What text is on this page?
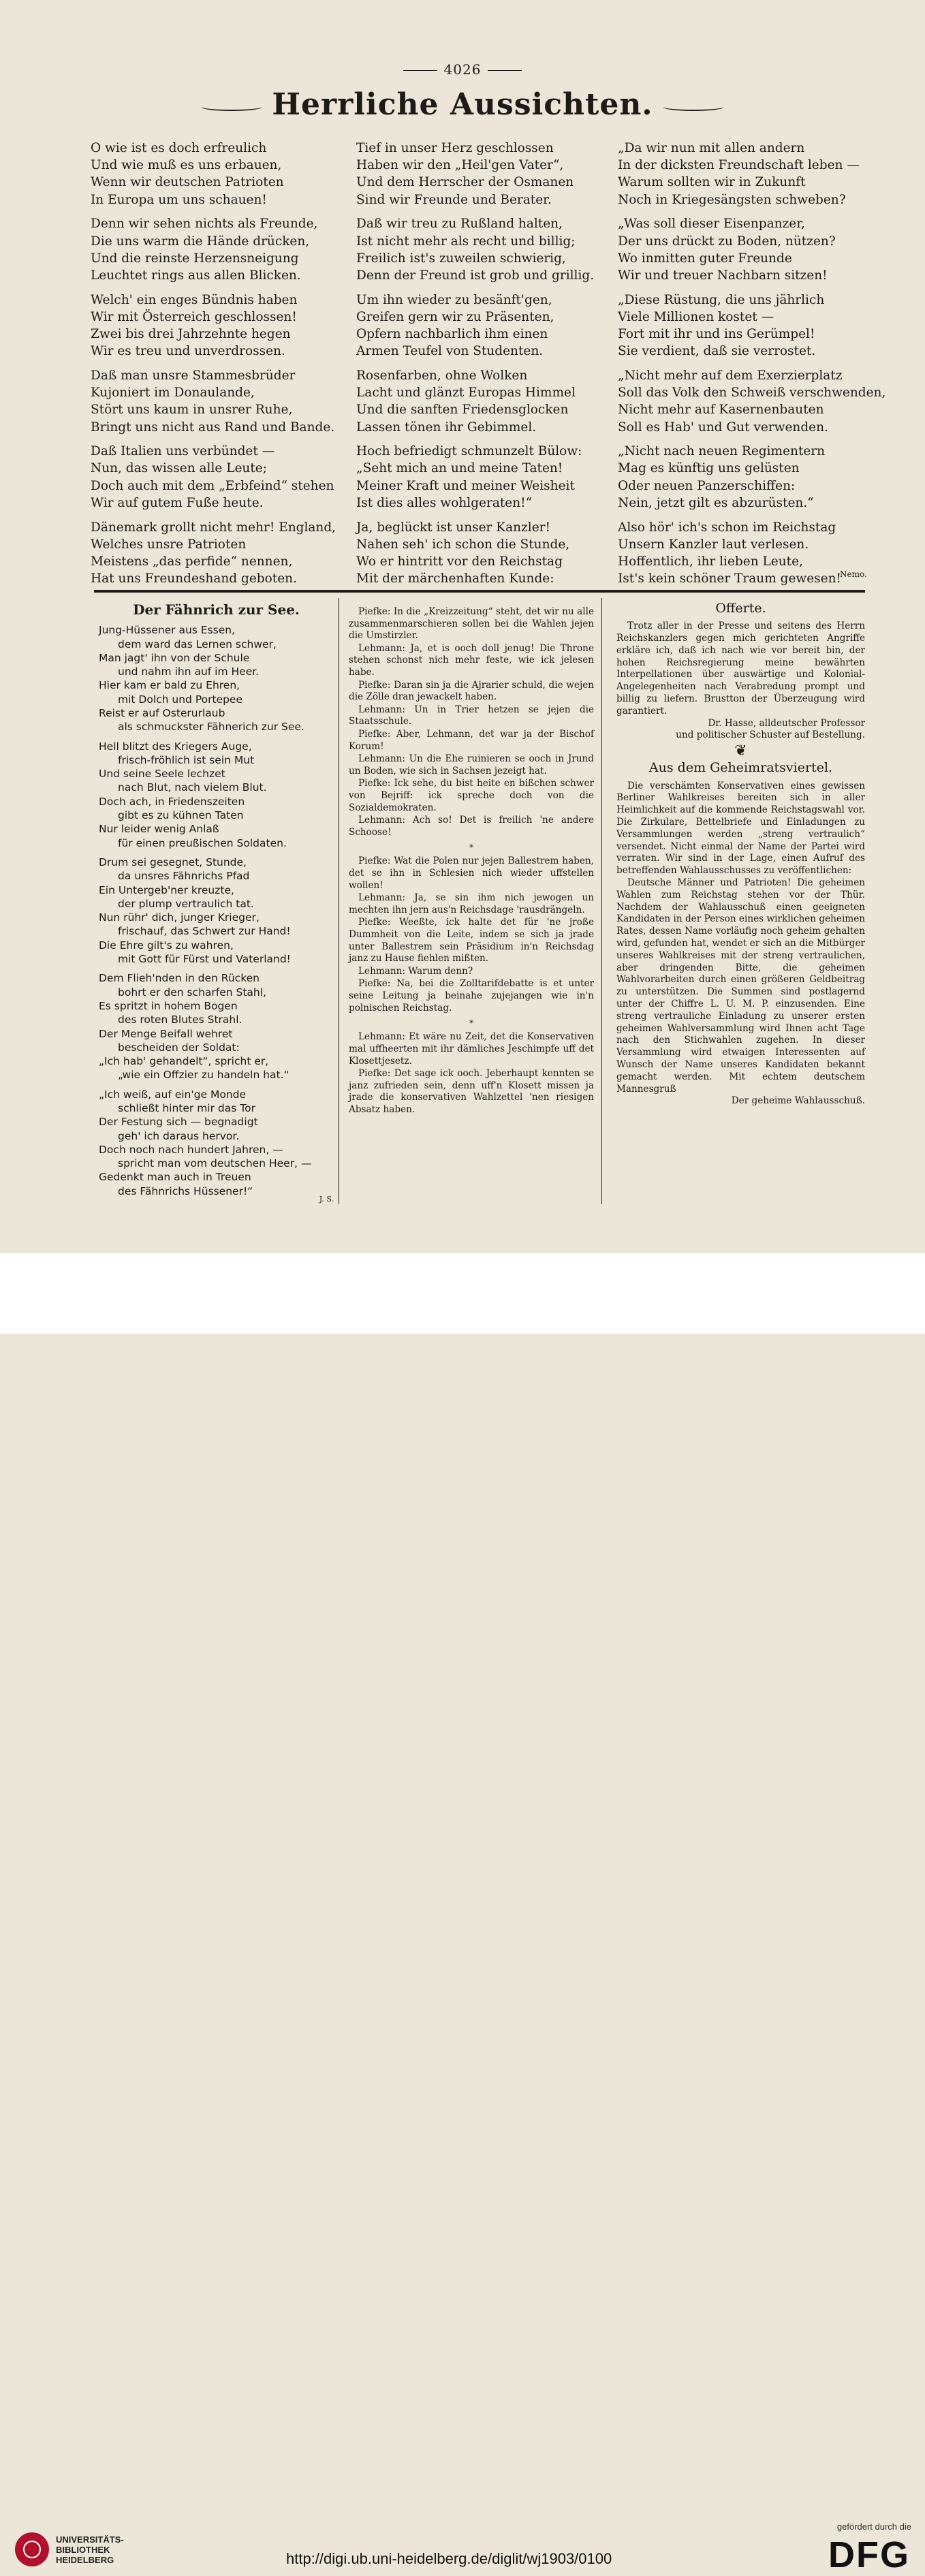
4026
Herrliche Aussichten.
O wie ist es doch erfreulich
Und wie muß es uns erbauen,
Wenn wir deutschen Patrioten
In Europa um uns schauen!
Denn wir sehen nichts als Freunde,
Die uns warm die Hände drücken,
Und die reinste Herzensneigung
Leuchtet rings aus allen Blicken.
Welch' ein enges Bündnis haben
Wir mit Österreich geschlossen!
Zwei bis drei Jahrzehnte hegen
Wir es treu und unverdrossen.
Daß man unsre Stammesbrüder
Kujoniert im Donaulande,
Stört uns kaum in unsrer Ruhe,
Bringt uns nicht aus Rand und Bande.
Daß Italien uns verbündet —
Nun, das wissen alle Leute;
Doch auch mit dem „Erbfeind“ stehen
Wir auf gutem Fuße heute.
Dänemark grollt nicht mehr! England,
Welches unsre Patrioten
Meistens „das perfide“ nennen,
Hat uns Freundeshand geboten.
Tief in unser Herz geschlossen
Haben wir den „Heil'gen Vater“,
Und dem Herrscher der Osmanen
Sind wir Freunde und Berater.
Daß wir treu zu Rußland halten,
Ist nicht mehr als recht und billig;
Freilich ist's zuweilen schwierig,
Denn der Freund ist grob und grillig.
Um ihn wieder zu besänft'gen,
Greifen gern wir zu Präsenten,
Opfern nachbarlich ihm einen
Armen Teufel von Studenten.
Rosenfarben, ohne Wolken
Lacht und glänzt Europas Himmel
Und die sanften Friedensglocken
Lassen tönen ihr Gebimmel.
Hoch befriedigt schmunzelt Bülow:
„Seht mich an und meine Taten!
Meiner Kraft und meiner Weisheit
Ist dies alles wohlgeraten!“
Ja, beglückt ist unser Kanzler!
Nahen seh' ich schon die Stunde,
Wo er hintritt vor den Reichstag
Mit der märchenhaften Kunde:
„Da wir nun mit allen andern
In der dicksten Freundschaft leben —
Warum sollten wir in Zukunft
Noch in Kriegesängsten schweben?
„Was soll dieser Eisenpanzer,
Der uns drückt zu Boden, nützen?
Wo inmitten guter Freunde
Wir und treuer Nachbarn sitzen!
„Diese Rüstung, die uns jährlich
Viele Millionen kostet —
Fort mit ihr und ins Gerümpel!
Sie verdient, daß sie verrostet.
„Nicht mehr auf dem Exerzierplatz
Soll das Volk den Schweiß verschwenden,
Nicht mehr auf Kasernenbauten
Soll es Hab' und Gut verwenden.
„Nicht nach neuen Regimentern
Mag es künftig uns gelüsten
Oder neuen Panzerschiffen:
Nein, jetzt gilt es abzurüsten.“
Also hör' ich's schon im Reichstag
Unsern Kanzler laut verlesen.
Hoffentlich, ihr lieben Leute,
Ist's kein schöner Traum gewesen!
Nemo.
Der Fähnrich zur See.
Jung-Hüssener aus Essen,
dem ward das Lernen schwer,
Man jagt' ihn von der Schule
und nahm ihn auf im Heer.
Hier kam er bald zu Ehren,
mit Dolch und Portepee
Reist er auf Osterurlaub
als schmuckster Fähnerich zur See.
Hell blitzt des Kriegers Auge,
frisch-fröhlich ist sein Mut
Und seine Seele lechzet
nach Blut, nach vielem Blut.
Doch ach, in Friedenszeiten
gibt es zu kühnen Taten
Nur leider wenig Anlaß
für einen preußischen Soldaten.
Drum sei gesegnet, Stunde,
da unsres Fähnrichs Pfad
Ein Untergeb'ner kreuzte,
der plump vertraulich tat.
Nun rühr' dich, junger Krieger,
frischauf, das Schwert zur Hand!
Die Ehre gilt's zu wahren,
mit Gott für Fürst und Vaterland!
Dem Flieh'nden in den Rücken
bohrt er den scharfen Stahl,
Es spritzt in hohem Bogen
des roten Blutes Strahl.
Der Menge Beifall wehret
bescheiden der Soldat:
„Ich hab' gehandelt“, spricht er,
„wie ein Offzier zu handeln hat.“
„Ich weiß, auf ein'ge Monde
schließt hinter mir das Tor
Der Festung sich — begnadigt
geh' ich daraus hervor.
Doch noch nach hundert Jahren, —
spricht man vom deutschen Heer, —
Gedenkt man auch in Treuen
des Fähnrichs Hüssener!“
J. S.

Piefke: In die „Kreizzeitung“ steht, det wir nu alle zusammenmarschieren sollen bei die Wahlen jejen die Umstirzler.

Lehmann: Ja, et is ooch doll jenug! Die Throne stehen schonst nich mehr feste, wie ick jelesen habe.

Piefke: Daran sin ja die Ajrarier schuld, die wejen die Zölle dran jewackelt haben.

Lehmann: Un in Trier hetzen se jejen die Staatsschule.

Piefke: Aber, Lehmann, det war ja der Bischof Korum!

Lehmann: Un die Ehe ruinieren se ooch in Jrund un Boden, wie sich in Sachsen jezeigt hat.

Piefke: Ick sehe, du bist heite en bißchen schwer von Bejriff: ick spreche doch von die Sozialdemokraten.

Lehmann: Ach so! Det is freilich 'ne andere Schoose!

*

Piefke: Wat die Polen nur jejen Ballestrem haben, det se ihn in Schlesien nich wieder uffstellen wollen!

Lehmann: Ja, se sin ihm nich jewogen un mechten ihn jern aus'n Reichsdage 'rausdrängeln.

Piefke: Weeßte, ick halte det für 'ne jroße Dummheit von die Leite, indem se sich ja jrade unter Ballestrem sein Präsidium in'n Reichsdag janz zu Hause fiehlen mißten.

Lehmann: Warum denn?

Piefke: Na, bei die Zolltarifdebatte is et unter seine Leitung ja beinahe zujejangen wie in'n polnischen Reichstag.

*

Lehmann: Et wäre nu Zeit, det die Konservativen mal uffheerten mit ihr dämliches Jeschimpfe uff det Klosettjesetz.

Piefke: Det sage ick ooch. Jeberhaupt kennten se janz zufrieden sein, denn uff'n Klosett missen ja jrade die konservativen Wahlzettel 'nen riesigen Absatz haben.

Offerte.

Trotz aller in der Presse und seitens des Herrn Reichskanzlers gegen mich gerichteten Angriffe erkläre ich, daß ich nach wie vor bereit bin, der hohen Reichsregierung meine bewährten Interpellationen über auswärtige und Kolonial-Angelegenheiten nach Verabredung prompt und billig zu liefern. Brustton der Überzeugung wird garantiert.

Dr. Hasse, alldeutscher Professor
und politischer Schuster auf Bestellung.
❦
Aus dem Geheimratsviertel.

Die verschämten Konservativen eines gewissen Berliner Wahlkreises bereiten sich in aller Heimlichkeit auf die kommende Reichstagswahl vor. Die Zirkulare, Bettelbriefe und Einladungen zu Versammlungen werden „streng vertraulich“ versendet. Nicht einmal der Name der Partei wird verraten. Wir sind in der Lage, einen Aufruf des betreffenden Wahlausschusses zu veröffentlichen:

Deutsche Männer und Patrioten! Die geheimen Wahlen zum Reichstag stehen vor der Thür. Nachdem der Wahlausschuß einen geeigneten Kandidaten in der Person eines wirklichen geheimen Rates, dessen Name vorläufig noch geheim gehalten wird, gefunden hat, wendet er sich an die Mitbürger unseres Wahlkreises mit der streng vertraulichen, aber dringenden Bitte, die geheimen Wahlvorarbeiten durch einen größeren Geldbeitrag zu unterstützen. Die Summen sind postlagernd unter der Chiffre L. U. M. P. einzusenden. Eine streng vertrauliche Einladung zu unserer ersten geheimen Wahlversammlung wird Ihnen acht Tage nach den Stichwahlen zugehen. In dieser Versammlung wird etwaigen Interessenten auf Wunsch der Name unseres Kandidaten bekannt gemacht werden. Mit echtem deutschem Mannesgruß

Der geheime Wahlausschuß.
UNIVERSITÄTS-
BIBLIOTHEK
HEIDELBERG	http://digi.ub.uni-heidelberg.de/diglit/wj1903/0100
gefördert durch die
DFG
